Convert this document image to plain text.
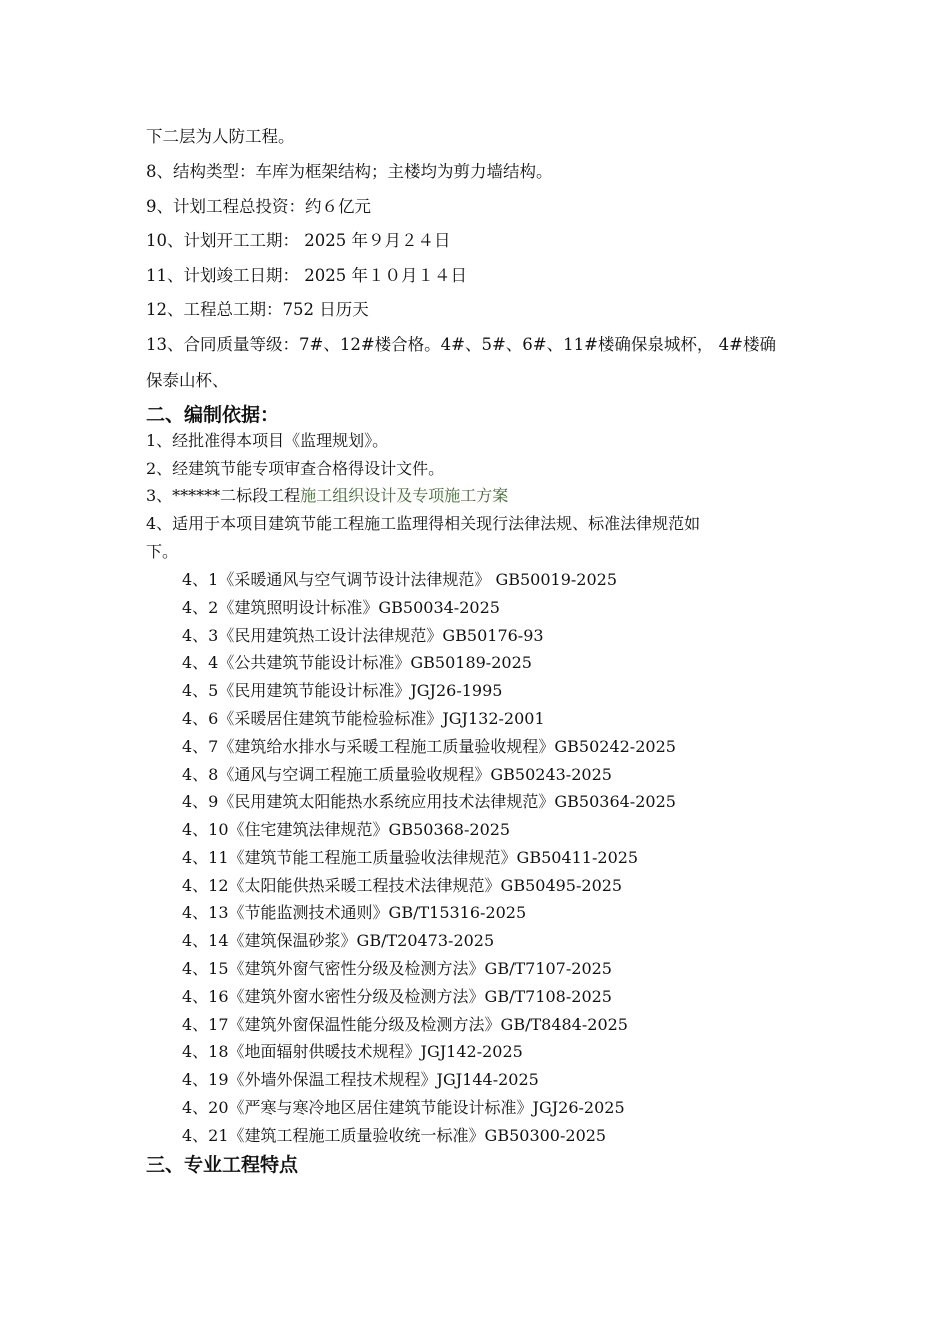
下二层为人防工程。
8、结构类型：车库为框架结构；主楼均为剪力墙结构。
9、计划工程总投资：约６亿元
10、计划开工工期： 2025 年９月２４日
11、计划竣工日期： 2025 年１０月１４日
12、工程总工期：752 日历天
13、合同质量等级：7#、12#楼合格。4#、5#、6#、11#楼确保泉城杯， 4#楼确
保泰山杯、
二、编制依据：
1、经批准得本项目《监理规划》。
2、经建筑节能专项审查合格得设计文件。
3、******二标段工程施工组织设计及专项施工方案
4、适用于本项目建筑节能工程施工监理得相关现行法律法规、标准法律规范如
下。
4、1《采暖通风与空气调节设计法律规范》 GB50019-2025
4、2《建筑照明设计标准》GB50034-2025
4、3《民用建筑热工设计法律规范》GB50176-93
4、4《公共建筑节能设计标准》GB50189-2025
4、5《民用建筑节能设计标准》JGJ26-1995
4、6《采暖居住建筑节能检验标准》JGJ132-2001
4、7《建筑给水排水与采暖工程施工质量验收规程》GB50242-2025
4、8《通风与空调工程施工质量验收规程》GB50243-2025
4、9《民用建筑太阳能热水系统应用技术法律规范》GB50364-2025
4、10《住宅建筑法律规范》GB50368-2025
4、11《建筑节能工程施工质量验收法律规范》GB50411-2025
4、12《太阳能供热采暖工程技术法律规范》GB50495-2025
4、13《节能监测技术通则》GB/T15316-2025
4、14《建筑保温砂浆》GB/T20473-2025
4、15《建筑外窗气密性分级及检测方法》GB/T7107-2025
4、16《建筑外窗水密性分级及检测方法》GB/T7108-2025
4、17《建筑外窗保温性能分级及检测方法》GB/T8484-2025
4、18《地面辐射供暖技术规程》JGJ142-2025
4、19《外墙外保温工程技术规程》JGJ144-2025
4、20《严寒与寒冷地区居住建筑节能设计标准》JGJ26-2025
4、21《建筑工程施工质量验收统一标准》GB50300-2025
三、专业工程特点
